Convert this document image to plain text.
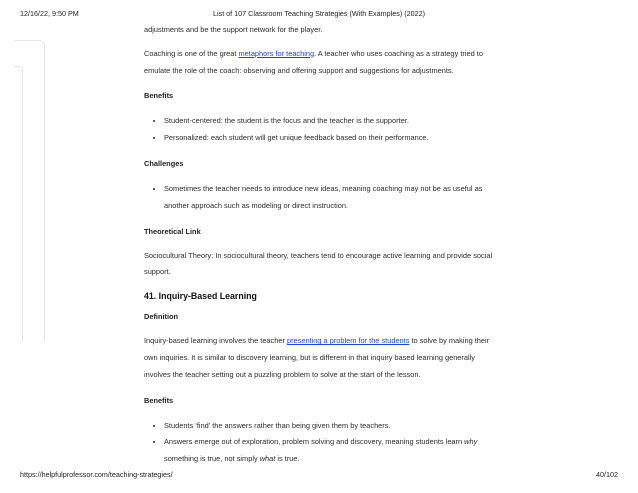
12/16/22, 9:50 PM	List of 107 Classroom Teaching Strategies (With Examples) (2022)

adjustments and be the support network for the player.

Coaching is one of the great metaphors for teaching. A teacher who uses coaching as a strategy tried to emulate the role of the coach: observing and offering support and suggestions for adjustments.

Benefits
• Student-centered: the student is the focus and the teacher is the supporter.
• Personalized: each student will get unique feedback based on their performance.
Challenges
• Sometimes the teacher needs to introduce new ideas, meaning coaching may not be as useful as another approach such as modeling or direct instruction.
Theoretical Link

Sociocultural Theory: In sociocultural theory, teachers tend to encourage active learning and provide social support.

41. Inquiry-Based Learning
Definition

Inquiry-based learning involves the teacher presenting a problem for the students to solve by making their own inquiries. It is similar to discovery learning, but is different in that inquiry based learning generally involves the teacher setting out a puzzling problem to solve at the start of the lesson.

Benefits
• Students ‘find’ the answers rather than being given them by teachers.
• Answers emerge out of exploration, problem solving and discovery, meaning students learn why something is true, not simply what is true.
https://helpfulprofessor.com/teaching-strategies/	40/102
